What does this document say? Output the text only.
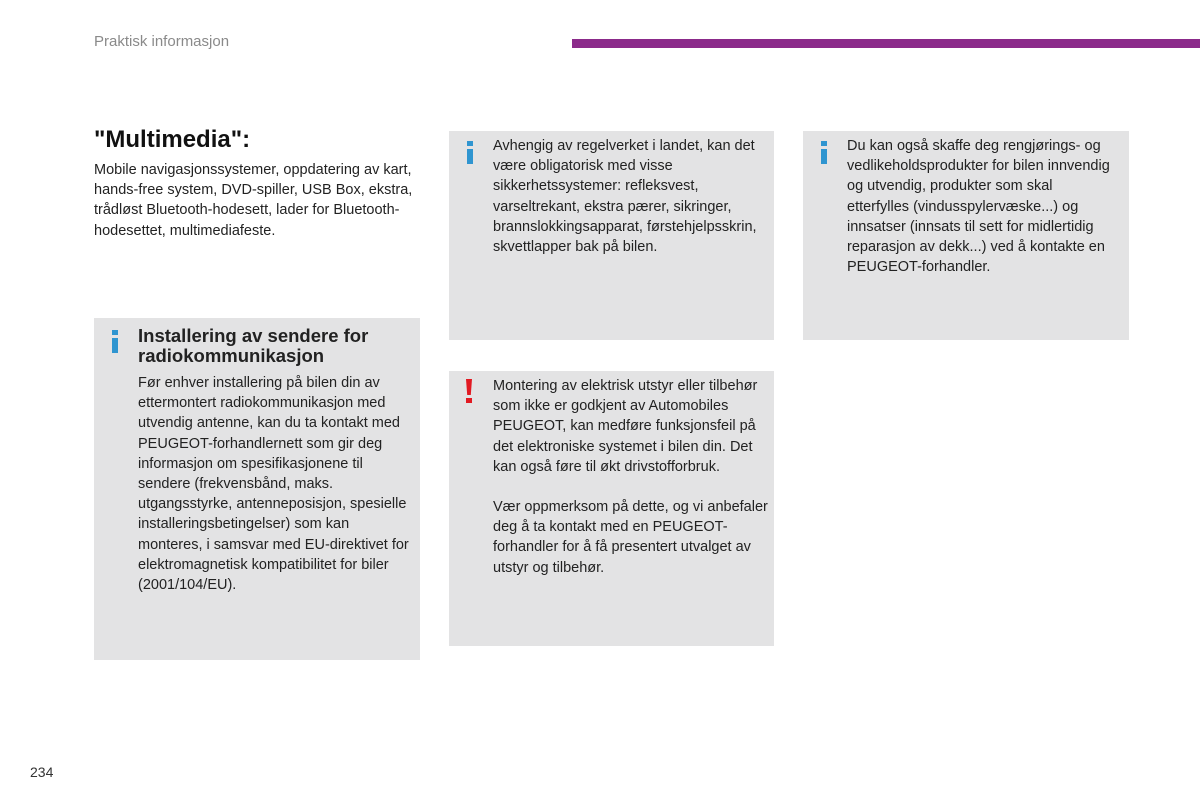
Praktisk informasjon
"Multimedia":
Mobile navigasjonssystemer, oppdatering av kart, hands-free system, DVD-spiller, USB Box, ekstra, trådløst Bluetooth-hodesett, lader for Bluetooth-hodesettet, multimediafeste.
Installering av sendere for radiokommunikasjon
Før enhver installering på bilen din av ettermontert radiokommunikasjon med utvendig antenne, kan du ta kontakt med PEUGEOT-forhandlernett som gir deg informasjon om spesifikasjonene til sendere (frekvensbånd, maks. utgangsstyrke, antenneposisjon, spesielle installeringsbetingelser) som kan monteres, i samsvar med EU-direktivet for elektromagnetisk kompatibilitet for biler (2001/104/EU).
Avhengig av regelverket i landet, kan det være obligatorisk med visse sikkerhetssystemer: refleksvest, varseltrekant, ekstra pærer, sikringer, brannslokkingsapparat, førstehjelpsskrin, skvettlapper bak på bilen.
Montering av elektrisk utstyr eller tilbehør som ikke er godkjent av Automobiles PEUGEOT, kan medføre funksjonsfeil på det elektroniske systemet i bilen din. Det kan også føre til økt drivstofforbruk.
Vær oppmerksom på dette, og vi anbefaler deg å ta kontakt med en PEUGEOT-forhandler for å få presentert utvalget av utstyr og tilbehør.
Du kan også skaffe deg rengjørings- og vedlikeholdsprodukter for bilen innvendig og utvendig, produkter som skal etterfylles (vindusspylervæske...) og innsatser (innsats til sett for midlertidig reparasjon av dekk...) ved å kontakte en PEUGEOT-forhandler.
234
